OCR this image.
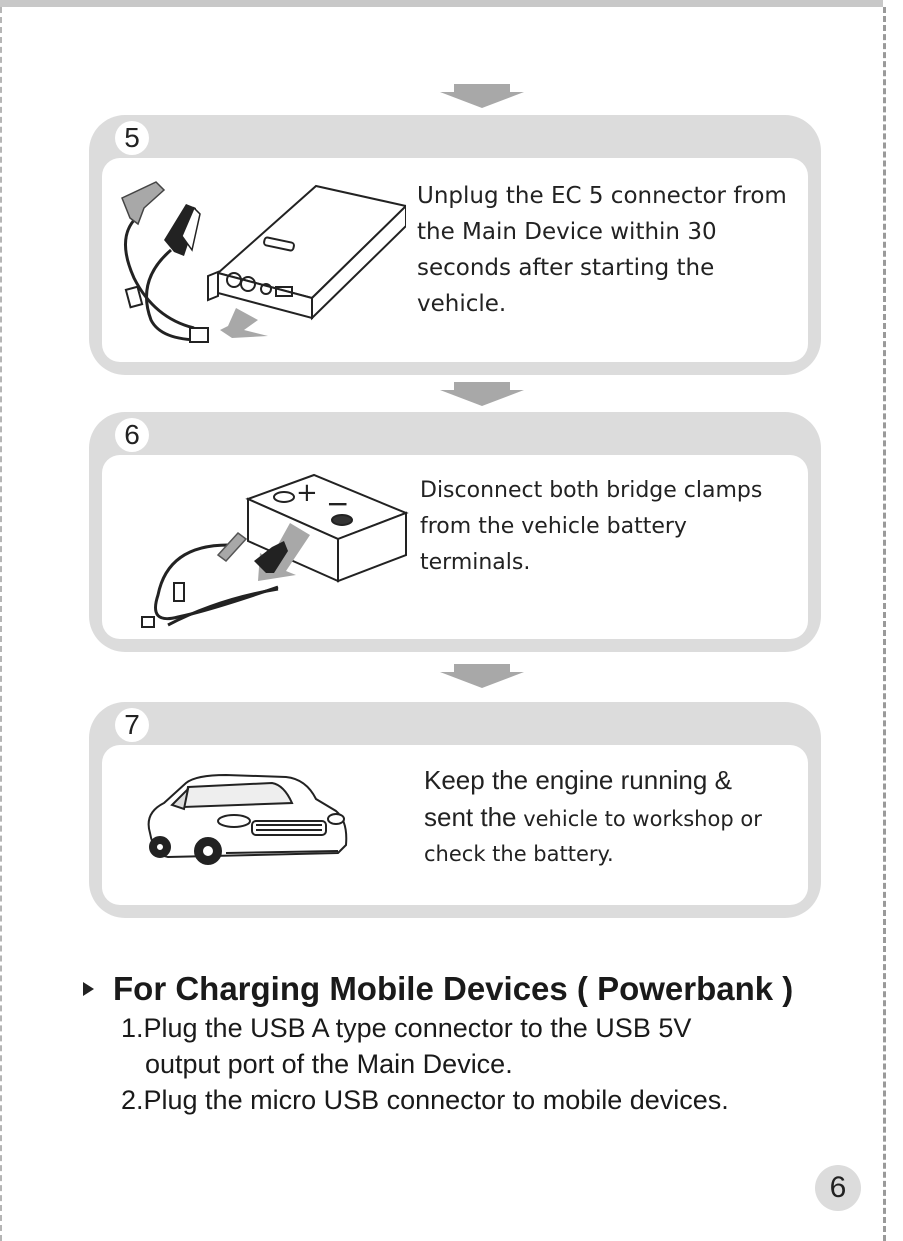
5

Unplug the EC 5 connector from
the Main Device within 30
seconds after starting the
vehicle.

6
+ −	Disconnect both bridge clamps
from the vehicle battery
terminals.

7

Keep the engine running &
sent the vehicle to workshop or
check the battery.

For Charging Mobile Devices ( Powerbank )

1.Plug the USB A type connector to the USB 5V

output port of the Main Device.

2.Plug the micro USB connector to mobile devices.

6
